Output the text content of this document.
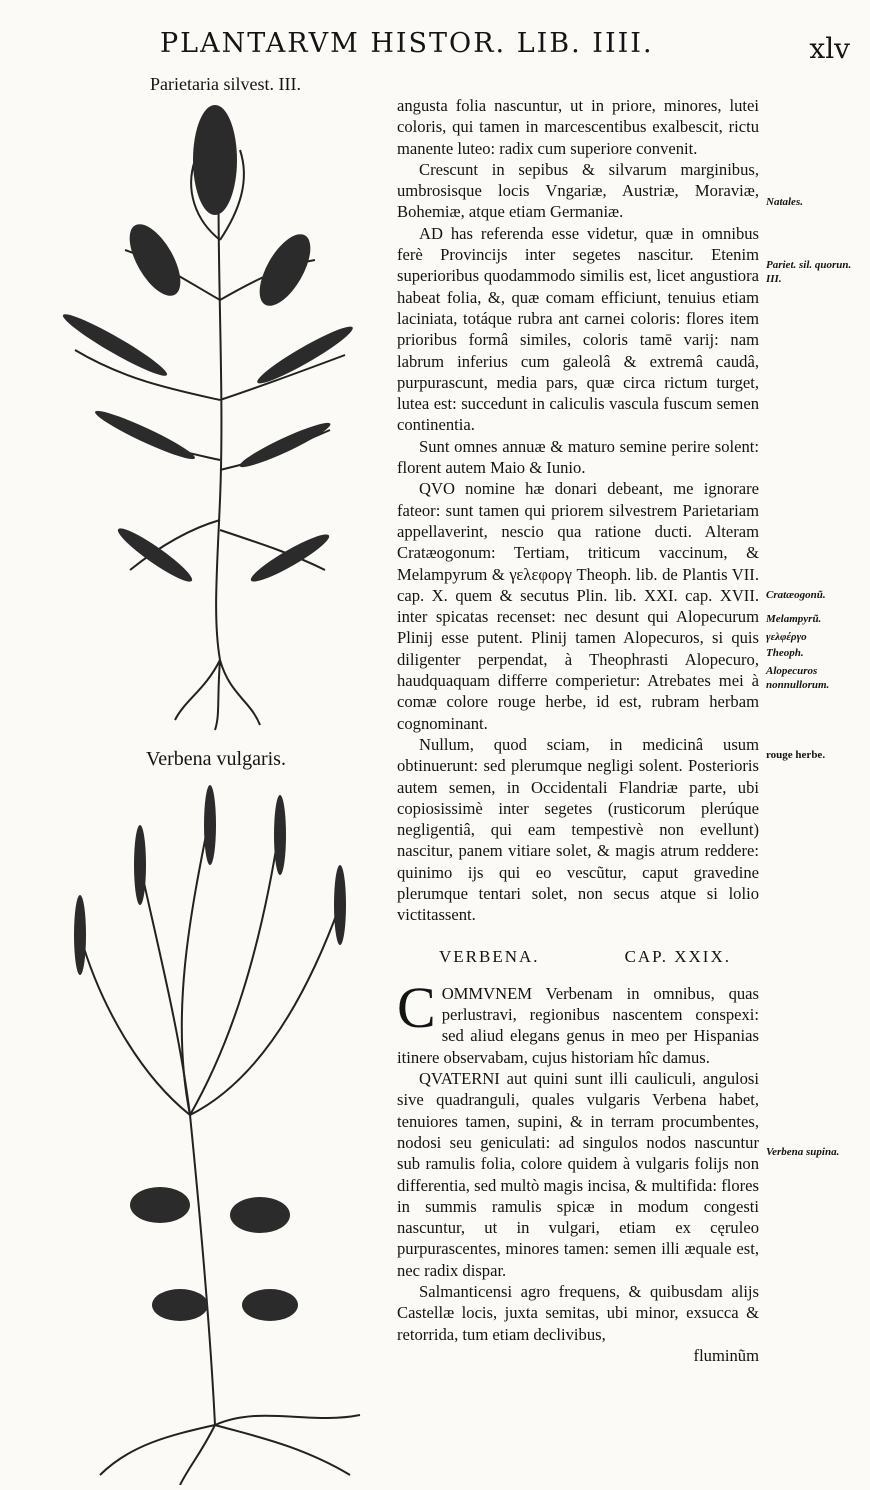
PLANTARVM HISTOR. LIB. IIII.	xlv
Parietaria silvest. III.
Verbena vulgaris.

angusta folia nascuntur, ut in priore, minores, lutei coloris, qui tamen in marcescentibus exalbescit, rictu manente luteo: radix cum superiore convenit.

Crescunt in sepibus & silvarum marginibus, umbrosisque locis Vngariæ, Austriæ, Moraviæ, Bohemiæ, atque etiam Germaniæ.

AD has referenda esse videtur, quæ in omnibus ferè Provincijs inter segetes nascitur. Etenim superioribus quodammodo similis est, licet angustiora habeat folia, &, quæ comam efficiunt, tenuius etiam laciniata, totáque rubra ant carnei coloris: flores item prioribus formâ similes, coloris tamē varij: nam labrum inferius cum galeolâ & extremâ caudâ, purpurascunt, media pars, quæ circa rictum turget, lutea est: succedunt in caliculis vascula fuscum semen continentia.

Sunt omnes annuæ & maturo semine perire solent: florent autem Maio & Iunio.

QVO nomine hæ donari debeant, me ignorare fateor: sunt tamen qui priorem silvestrem Parietariam appellaverint, nescio qua ratione ducti. Alteram Cratæogonum: Tertiam, triticum vaccinum, & Melampyrum & γελεφοργ Theoph. lib. de Plantis VII. cap. X. quem & secutus Plin. lib. XXI. cap. XVII. inter spicatas recenset: nec desunt qui Alopecurum Plinij esse putent. Plinij tamen Alopecuros, si quis diligenter perpendat, à Theophrasti Alopecuro, haudquaquam differre comperietur: Atrebates mei à comæ colore rouge herbe, id est, rubram herbam cognominant.

Nullum, quod sciam, in medicinâ usum obtinuerunt: sed plerumque negligi solent. Posterioris autem semen, in Occidentali Flandriæ parte, ubi copiosissimè inter segetes (rusticorum plerúque negligentiâ, qui eam tempestivè non evellunt) nascitur, panem vitiare solet, & magis atrum reddere: quinimo ijs qui eo vescũtur, caput gravedine plerumque tentari solet, non secus atque si lolio victitassent.

VERBENA.	CAP. XXIX.

COMMVNEM Verbenam in omnibus, quas perlustravi, regionibus nascentem conspexi: sed aliud elegans genus in meo per Hispanias itinere observabam, cujus historiam hîc damus.

QVATERNI aut quini sunt illi cauliculi, angulosi sive quadranguli, quales vulgaris Verbena habet, tenuiores tamen, supini, & in terram procumbentes, nodosi seu geniculati: ad singulos nodos nascuntur sub ramulis folia, colore quidem à vulgaris folijs non differentia, sed multò magis incisa, & multifida: flores in summis ramulis spicæ in modum congesti nascuntur, ut in vulgari, etiam ex cęruleo purpurascentes, minores tamen: semen illi æquale est, nec radix dispar.

Salmanticensi agro frequens, & quibusdam alijs Castellæ locis, juxta semitas, ubi minor, exsucca & retorrida, tum etiam declivibus,

fluminũm
Natales.
Pariet. sil. quorun. III.
Cratæogonũ.
Melampyrũ.
γελφέργο
Theoph.
Alopecuros nonnullorum.
rouge herbe.
Verbena supina.
